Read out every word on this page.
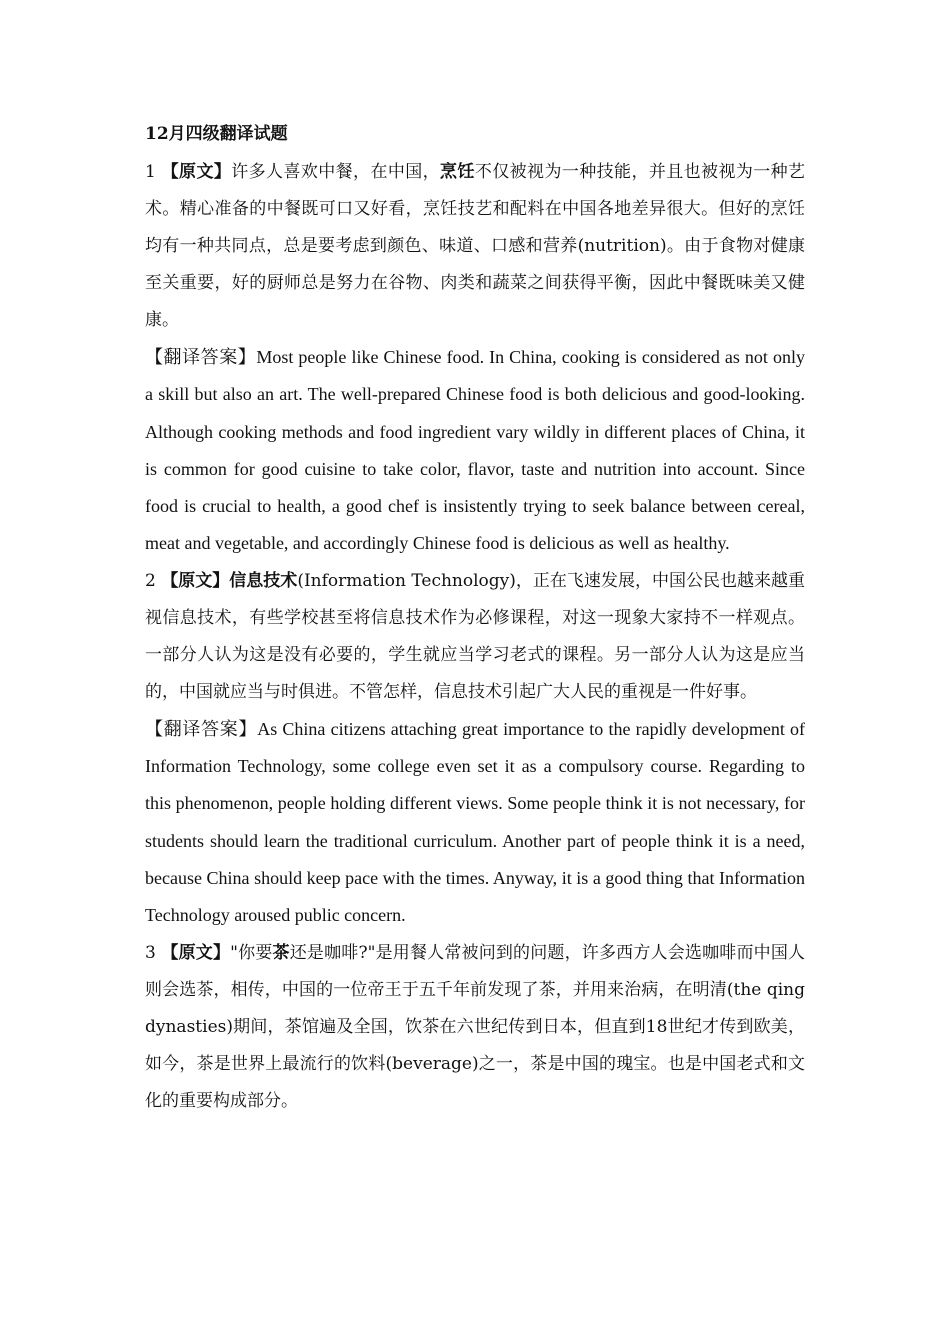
12月四级翻译试题

1 【原文】许多人喜欢中餐，在中国，烹饪不仅被视为一种技能，并且也被视为一种艺术。精心准备的中餐既可口又好看，烹饪技艺和配料在中国各地差异很大。但好的烹饪均有一种共同点，总是要考虑到颜色、味道、口感和营养(nutrition)。由于食物对健康至关重要，好的厨师总是努力在谷物、肉类和蔬菜之间获得平衡，因此中餐既味美又健康。

【翻译答案】Most people like Chinese food. In China, cooking is considered as not only a skill but also an art. The well-prepared Chinese food is both delicious and good-looking. Although cooking methods and food ingredient vary wildly in different places of China, it is common for good cuisine to take color, flavor, taste and nutrition into account. Since food is crucial to health, a good chef is insistently trying to seek balance between cereal, meat and vegetable, and accordingly Chinese food is delicious as well as healthy.

2 【原文】信息技术(Information Technology)，正在飞速发展，中国公民也越来越重视信息技术，有些学校甚至将信息技术作为必修课程，对这一现象大家持不一样观点。一部分人认为这是没有必要的，学生就应当学习老式的课程。另一部分人认为这是应当的，中国就应当与时俱进。不管怎样，信息技术引起广大人民的重视是一件好事。

【翻译答案】As China citizens attaching great importance to the rapidly development of Information Technology, some college even set it as a compulsory course. Regarding to this phenomenon, people holding different views. Some people think it is not necessary, for students should learn the traditional curriculum. Another part of people think it is a need, because China should keep pace with the times. Anyway, it is a good thing that Information Technology aroused public concern.

3 【原文】"你要茶还是咖啡?"是用餐人常被问到的问题，许多西方人会选咖啡而中国人则会选茶，相传，中国的一位帝王于五千年前发现了茶，并用来治病，在明清(the qing dynasties)期间，茶馆遍及全国，饮茶在六世纪传到日本，但直到18世纪才传到欧美，如今，茶是世界上最流行的饮料(beverage)之一，茶是中国的瑰宝。也是中国老式和文化的重要构成部分。
